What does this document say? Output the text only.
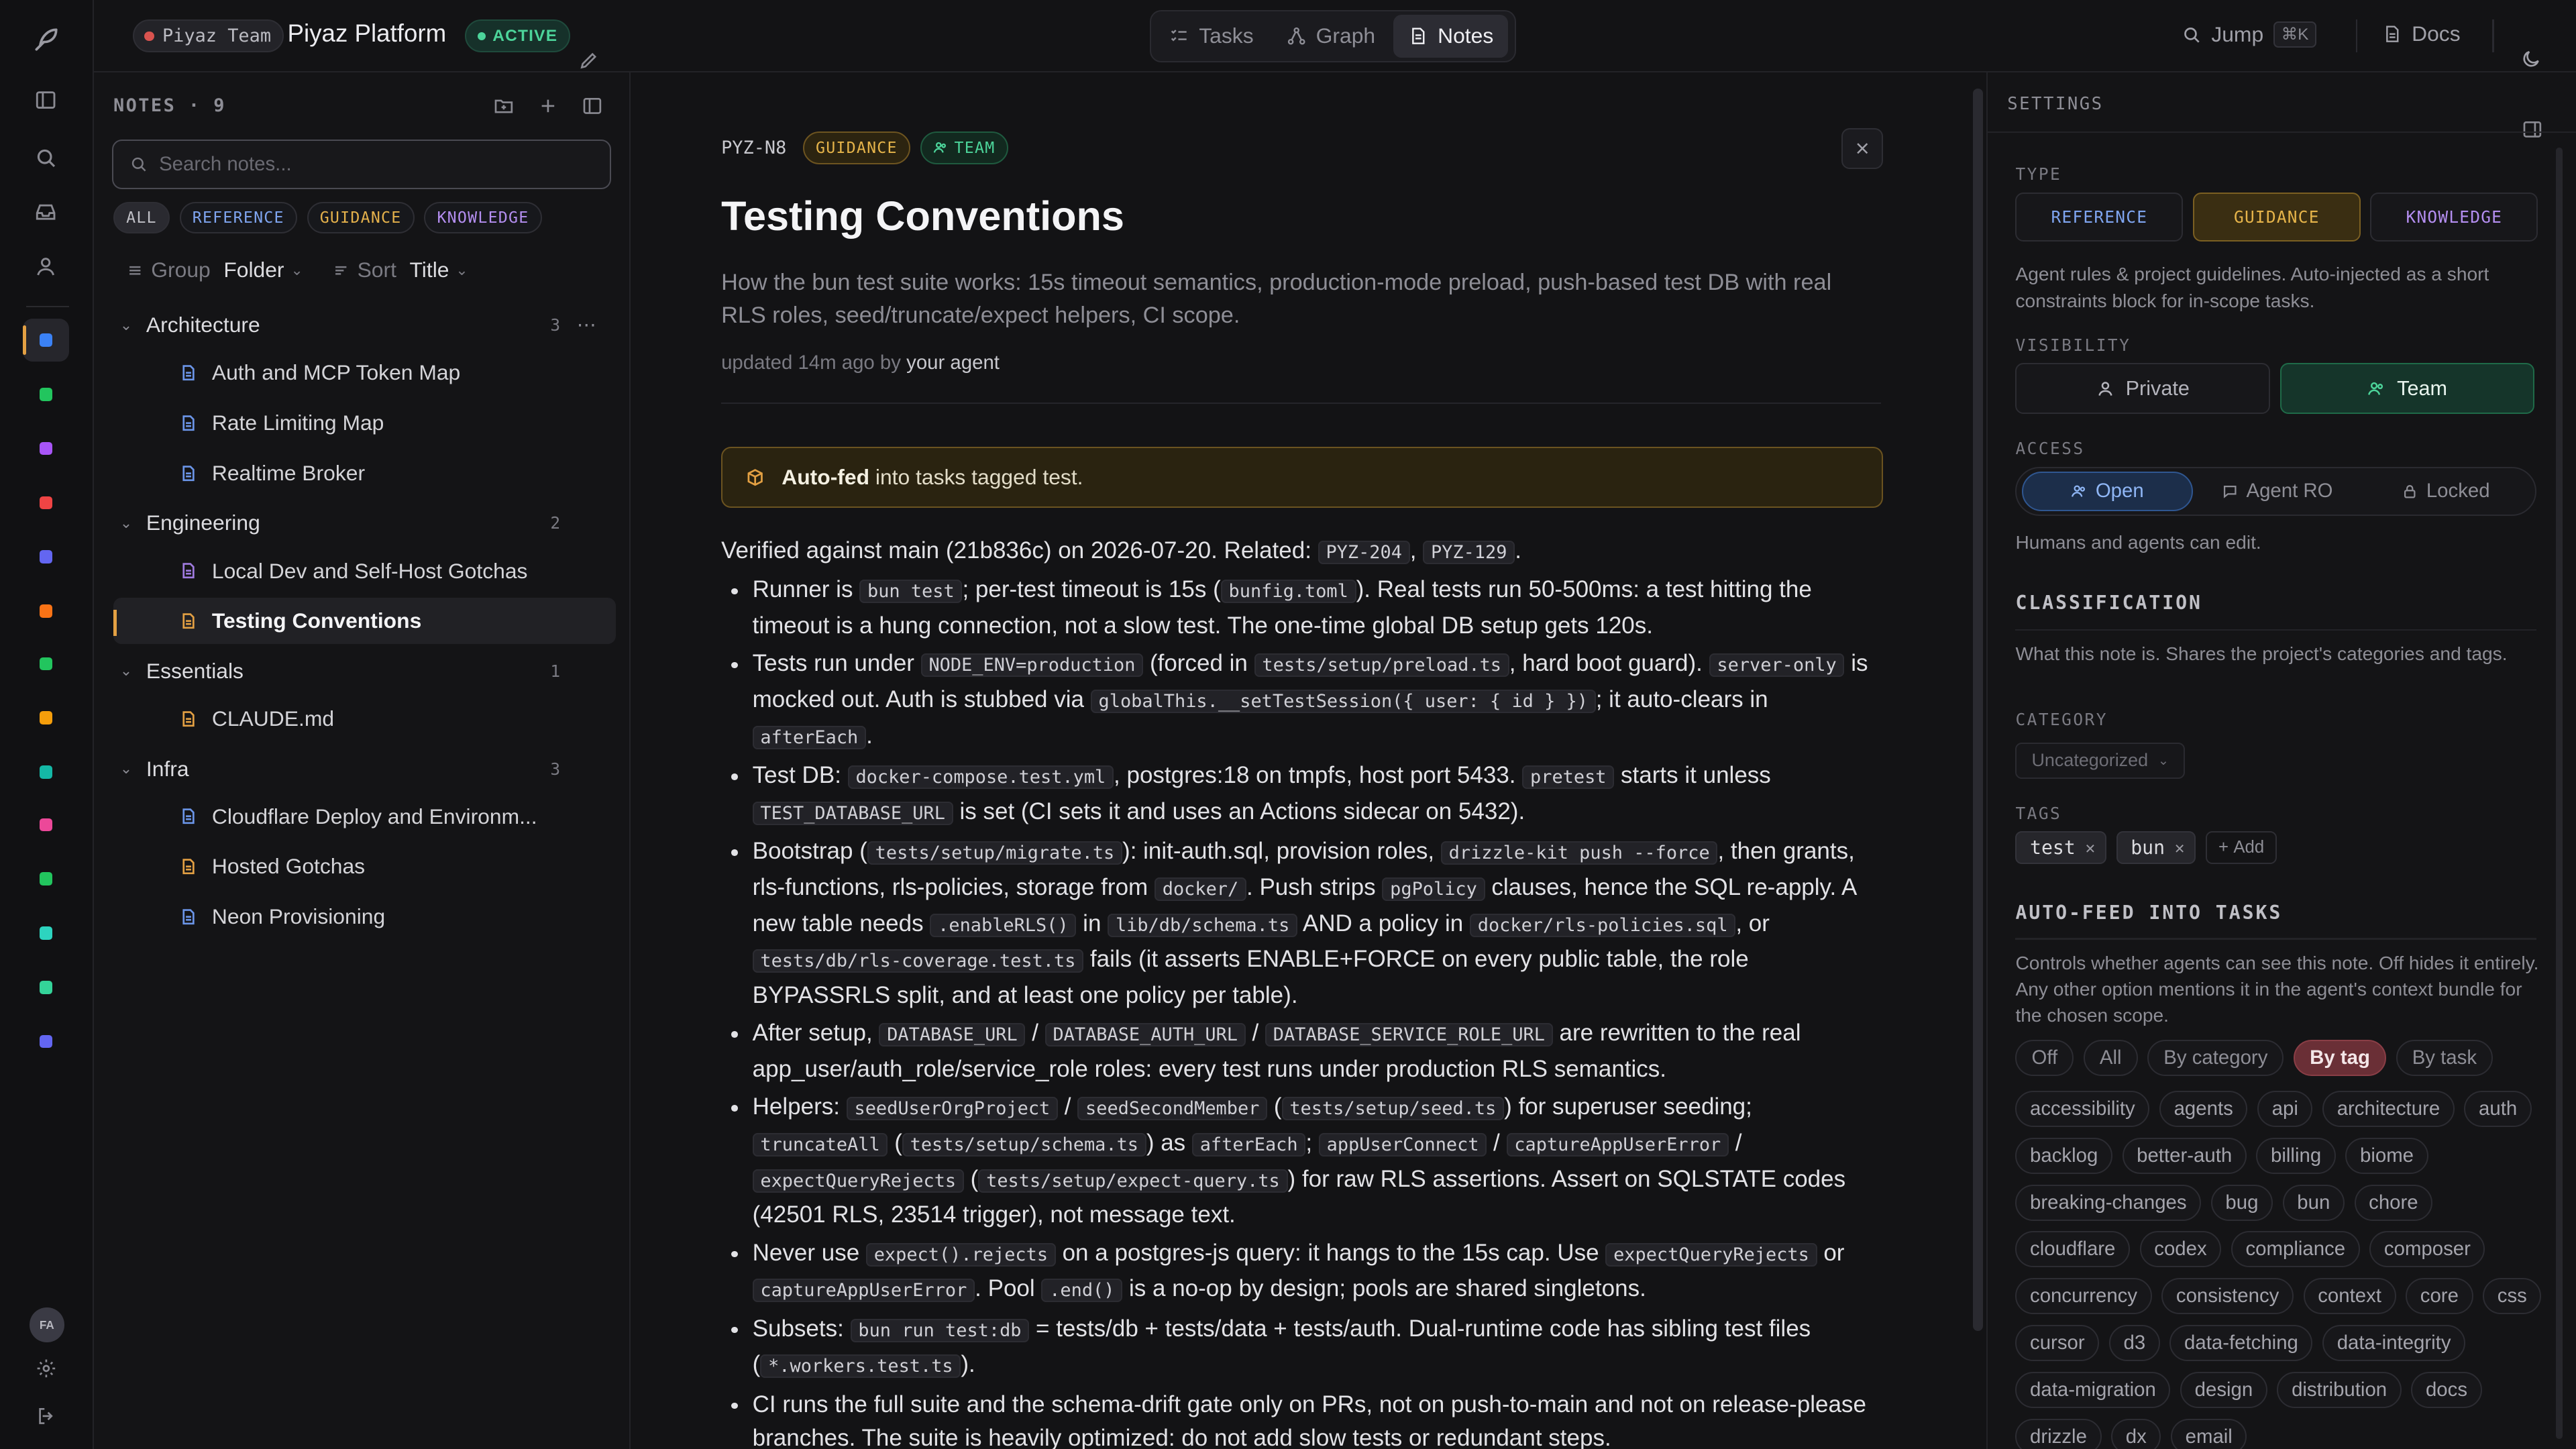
FA
Piyaz Team Piyaz Platform	ACTIVE	Tasks	Graph	Notes	Jump	⌘K	Docs
NOTES · 9
Search notes...
ALL	REFERENCE	GUIDANCE	KNOWLEDGE
Group Folder ⌄	Sort Title ⌄
⌄	Architecture	3 ⋯
Auth and MCP Token Map
Rate Limiting Map
Realtime Broker
⌄	Engineering	2
Local Dev and Self-Host Gotchas
Testing Conventions
⌄	Essentials	1
CLAUDE.md
⌄	Infra	3
Cloudflare Deploy and Environm...
Hosted Gotchas
Neon Provisioning
PYZ-N8	GUIDANCE	TEAM
Testing Conventions
How the bun test suite works: 15s timeout semantics, production-mode preload, push-based test DB with real RLS roles, seed/truncate/expect helpers, CI scope.
updated 14m ago by your agent
Auto-fed into tasks tagged test.

Verified against main (21b836c) on 2026-07-20. Related: PYZ-204 , PYZ-129 .

Runner is bun test ; per-test timeout is 15s ( bunfig.toml ). Real tests run 50-500ms: a test hitting the timeout is a hung connection, not a slow test. The one-time global DB setup gets 120s.
Tests run under NODE_ENV=production (forced in tests/setup/preload.ts , hard boot guard). server-only is mocked out. Auth is stubbed via globalThis.__setTestSession({ user: { id } }) ; it auto-clears in afterEach .
Test DB: docker-compose.test.yml , postgres:18 on tmpfs, host port 5433. pretest starts it unless TEST_DATABASE_URL is set (CI sets it and uses an Actions sidecar on 5432).
Bootstrap ( tests/setup/migrate.ts ): init-auth.sql, provision roles, drizzle-kit push --force , then grants, rls-functions, rls-policies, storage from docker/ . Push strips pgPolicy clauses, hence the SQL re-apply. A new table needs .enableRLS() in lib/db/schema.ts AND a policy in docker/rls-policies.sql , or tests/db/rls-coverage.test.ts fails (it asserts ENABLE+FORCE on every public table, the role BYPASSRLS split, and at least one policy per table).
After setup, DATABASE_URL / DATABASE_AUTH_URL / DATABASE_SERVICE_ROLE_URL are rewritten to the real app_user/auth_role/service_role roles: every test runs under production RLS semantics.
Helpers: seedUserOrgProject / seedSecondMember ( tests/setup/seed.ts ) for superuser seeding; truncateAll ( tests/setup/schema.ts ) as afterEach ; appUserConnect / captureAppUserError / expectQueryRejects ( tests/setup/expect-query.ts ) for raw RLS assertions. Assert on SQLSTATE codes (42501 RLS, 23514 trigger), not message text.
Never use expect().rejects on a postgres-js query: it hangs to the 15s cap. Use expectQueryRejects or captureAppUserError . Pool .end() is a no-op by design; pools are shared singletons.
Subsets: bun run test:db = tests/db + tests/data + tests/auth. Dual-runtime code has sibling test files ( *.workers.test.ts ).
CI runs the full suite and the schema-drift gate only on PRs, not on push-to-main and not on release-please branches. The suite is heavily optimized: do not add slow tests or redundant steps.
SETTINGS
TYPE
REFERENCE	GUIDANCE	KNOWLEDGE
Agent rules & project guidelines. Auto-injected as a short constraints block for in-scope tasks.
VISIBILITY
Private	Team
ACCESS
Open	Agent RO	Locked
Humans and agents can edit.
CLASSIFICATION
What this note is. Shares the project's categories and tags.
CATEGORY
Uncategorized ⌄
TAGS
test ✕	bun ✕	+ Add
AUTO-FEED INTO TASKS
Controls whether agents can see this note. Off hides it entirely. Any other option mentions it in the agent's context bundle for the chosen scope.
Off	All	By category	By tag	By task
accessibility	agents	api	architecture	auth
backlog	better-auth	billing	biome
breaking-changes	bug	bun	chore
cloudflare	codex	compliance	composer
concurrency	consistency	context	core	css
cursor	d3	data-fetching	data-integrity
data-migration	design	distribution	docs
drizzle	dx	email
